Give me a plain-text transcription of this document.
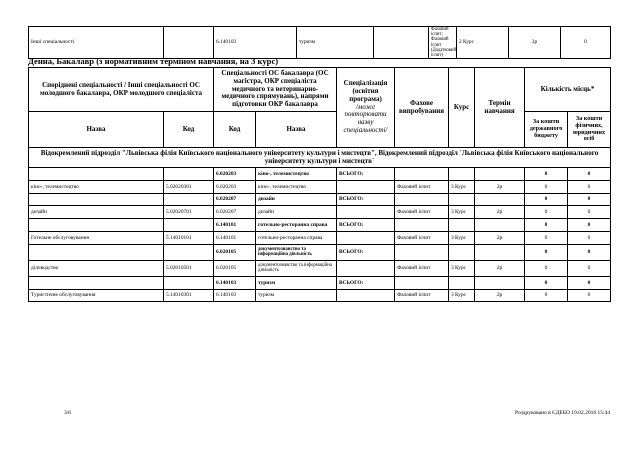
Інші спеціальності		6.140103	туризм		Фаховий іспит;
Фаховий іспит
(Додатковий іспит)	2 Курс	3р	0	
Денна, Бакалавр (з нормативним терміном навчання, на 3 курс)
Споріднені спеціальності / Інші спеціальності ОС молодшого бакалавра, ОКР молодшого спеціаліста		Спеціальності ОС бакалавра (ОС магістра, ОКР спеціаліста медичного та ветеринарно-медичного спрямувань), напрями підготовки ОКР бакалавра		Спеціалізація (освітня програма)
/може повторювати назву спеціальності/	Фахове випробування	Курс	Термін навчання	Кількість місць*	
Назва	Код	Код	Назва					За кошти державного бюджету	За кошти фізичних, юридичних осіб
Відокремлений підрозділ "Львівська філія Київського національного університету культури і мистецтв", Відокремлений підрозділ `Львівська філія Київського національного університету культури і мистецтв`									
		6.020203	кіно-, телемистецтво	ВСЬОГО:				0	0
кіно-, телемистецтво	5.02020301	6.020203	кіно-, телемистецтво		Фаховий іспит	3 Курс	2р	0	0
		6.020207	дизайн	ВСЬОГО:				0	0
дизайн	5.02020701	6.020207	дизайн		Фаховий іспит	3 Курс	2р	0	0
		6.140101	готельно-ресторанна справа	ВСЬОГО:				0	0
Готельне обслуговування	5.14010101	6.140101	готельно-ресторанна справа		Фаховий іспит	3 Курс	2р	0	0
		6.020105	документознавство та інформаційна діяльність	ВСЬОГО:				0	0
діловодство	5.02010501	6.020105	документознавство та інформаційна діяльність		Фаховий іспит	3 Курс	2р	0	0
		6.140103	туризм	ВСЬОГО:				0	0
Туристичне обслуговування	5.14010301	6.140103	туризм		Фаховий іспит	3 Курс	2р	0	0
3/6	Роздруковано в ЄДЕБО 19.02.2016 15:44
